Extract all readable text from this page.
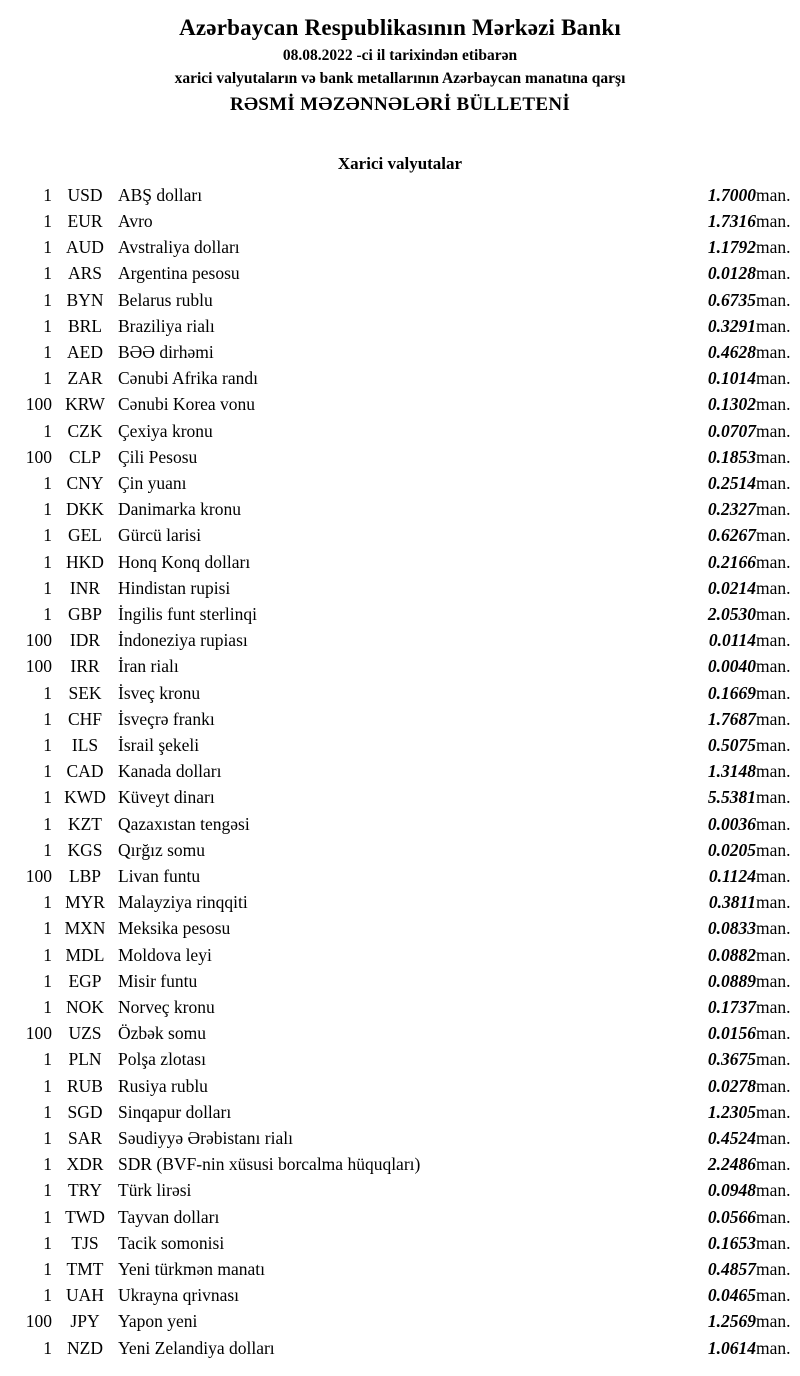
Azərbaycan Respublikasının Mərkəzi Bankı
08.08.2022 -ci il tarixindən etibarən
xarici valyutaların və bank metallarının Azərbaycan manatına qarşı
RƏSMİ MƏZƏNNƏLƏRİ BÜLLETENİ
Xarici valyutalar
1	USD	ABŞ dolları	1.7000	man.
1	EUR	Avro	1.7316	man.
1	AUD	Avstraliya dolları	1.1792	man.
1	ARS	Argentina pesosu	0.0128	man.
1	BYN	Belarus rublu	0.6735	man.
1	BRL	Braziliya rialı	0.3291	man.
1	AED	BƏƏ dirhəmi	0.4628	man.
1	ZAR	Cənubi Afrika randı	0.1014	man.
100	KRW	Cənubi Korea vonu	0.1302	man.
1	CZK	Çexiya kronu	0.0707	man.
100	CLP	Çili Pesosu	0.1853	man.
1	CNY	Çin yuanı	0.2514	man.
1	DKK	Danimarka kronu	0.2327	man.
1	GEL	Gürcü larisi	0.6267	man.
1	HKD	Honq Konq dolları	0.2166	man.
1	INR	Hindistan rupisi	0.0214	man.
1	GBP	İngilis funt sterlinqi	2.0530	man.
100	IDR	İndoneziya rupiası	0.0114	man.
100	IRR	İran rialı	0.0040	man.
1	SEK	İsveç kronu	0.1669	man.
1	CHF	İsveçrə frankı	1.7687	man.
1	ILS	İsrail şekeli	0.5075	man.
1	CAD	Kanada dolları	1.3148	man.
1	KWD	Küveyt dinarı	5.5381	man.
1	KZT	Qazaxıstan tengəsi	0.0036	man.
1	KGS	Qırğız somu	0.0205	man.
100	LBP	Livan funtu	0.1124	man.
1	MYR	Malayziya rinqqiti	0.3811	man.
1	MXN	Meksika pesosu	0.0833	man.
1	MDL	Moldova leyi	0.0882	man.
1	EGP	Misir funtu	0.0889	man.
1	NOK	Norveç kronu	0.1737	man.
100	UZS	Özbək somu	0.0156	man.
1	PLN	Polşa zlotası	0.3675	man.
1	RUB	Rusiya rublu	0.0278	man.
1	SGD	Sinqapur dolları	1.2305	man.
1	SAR	Səudiyyə Ərəbistanı rialı	0.4524	man.
1	XDR	SDR (BVF-nin xüsusi borcalma hüquqları)	2.2486	man.
1	TRY	Türk lirəsi	0.0948	man.
1	TWD	Tayvan dolları	0.0566	man.
1	TJS	Tacik somonisi	0.1653	man.
1	TMT	Yeni türkmən manatı	0.4857	man.
1	UAH	Ukrayna qrivnası	0.0465	man.
100	JPY	Yapon yeni	1.2569	man.
1	NZD	Yeni Zelandiya dolları	1.0614	man.
